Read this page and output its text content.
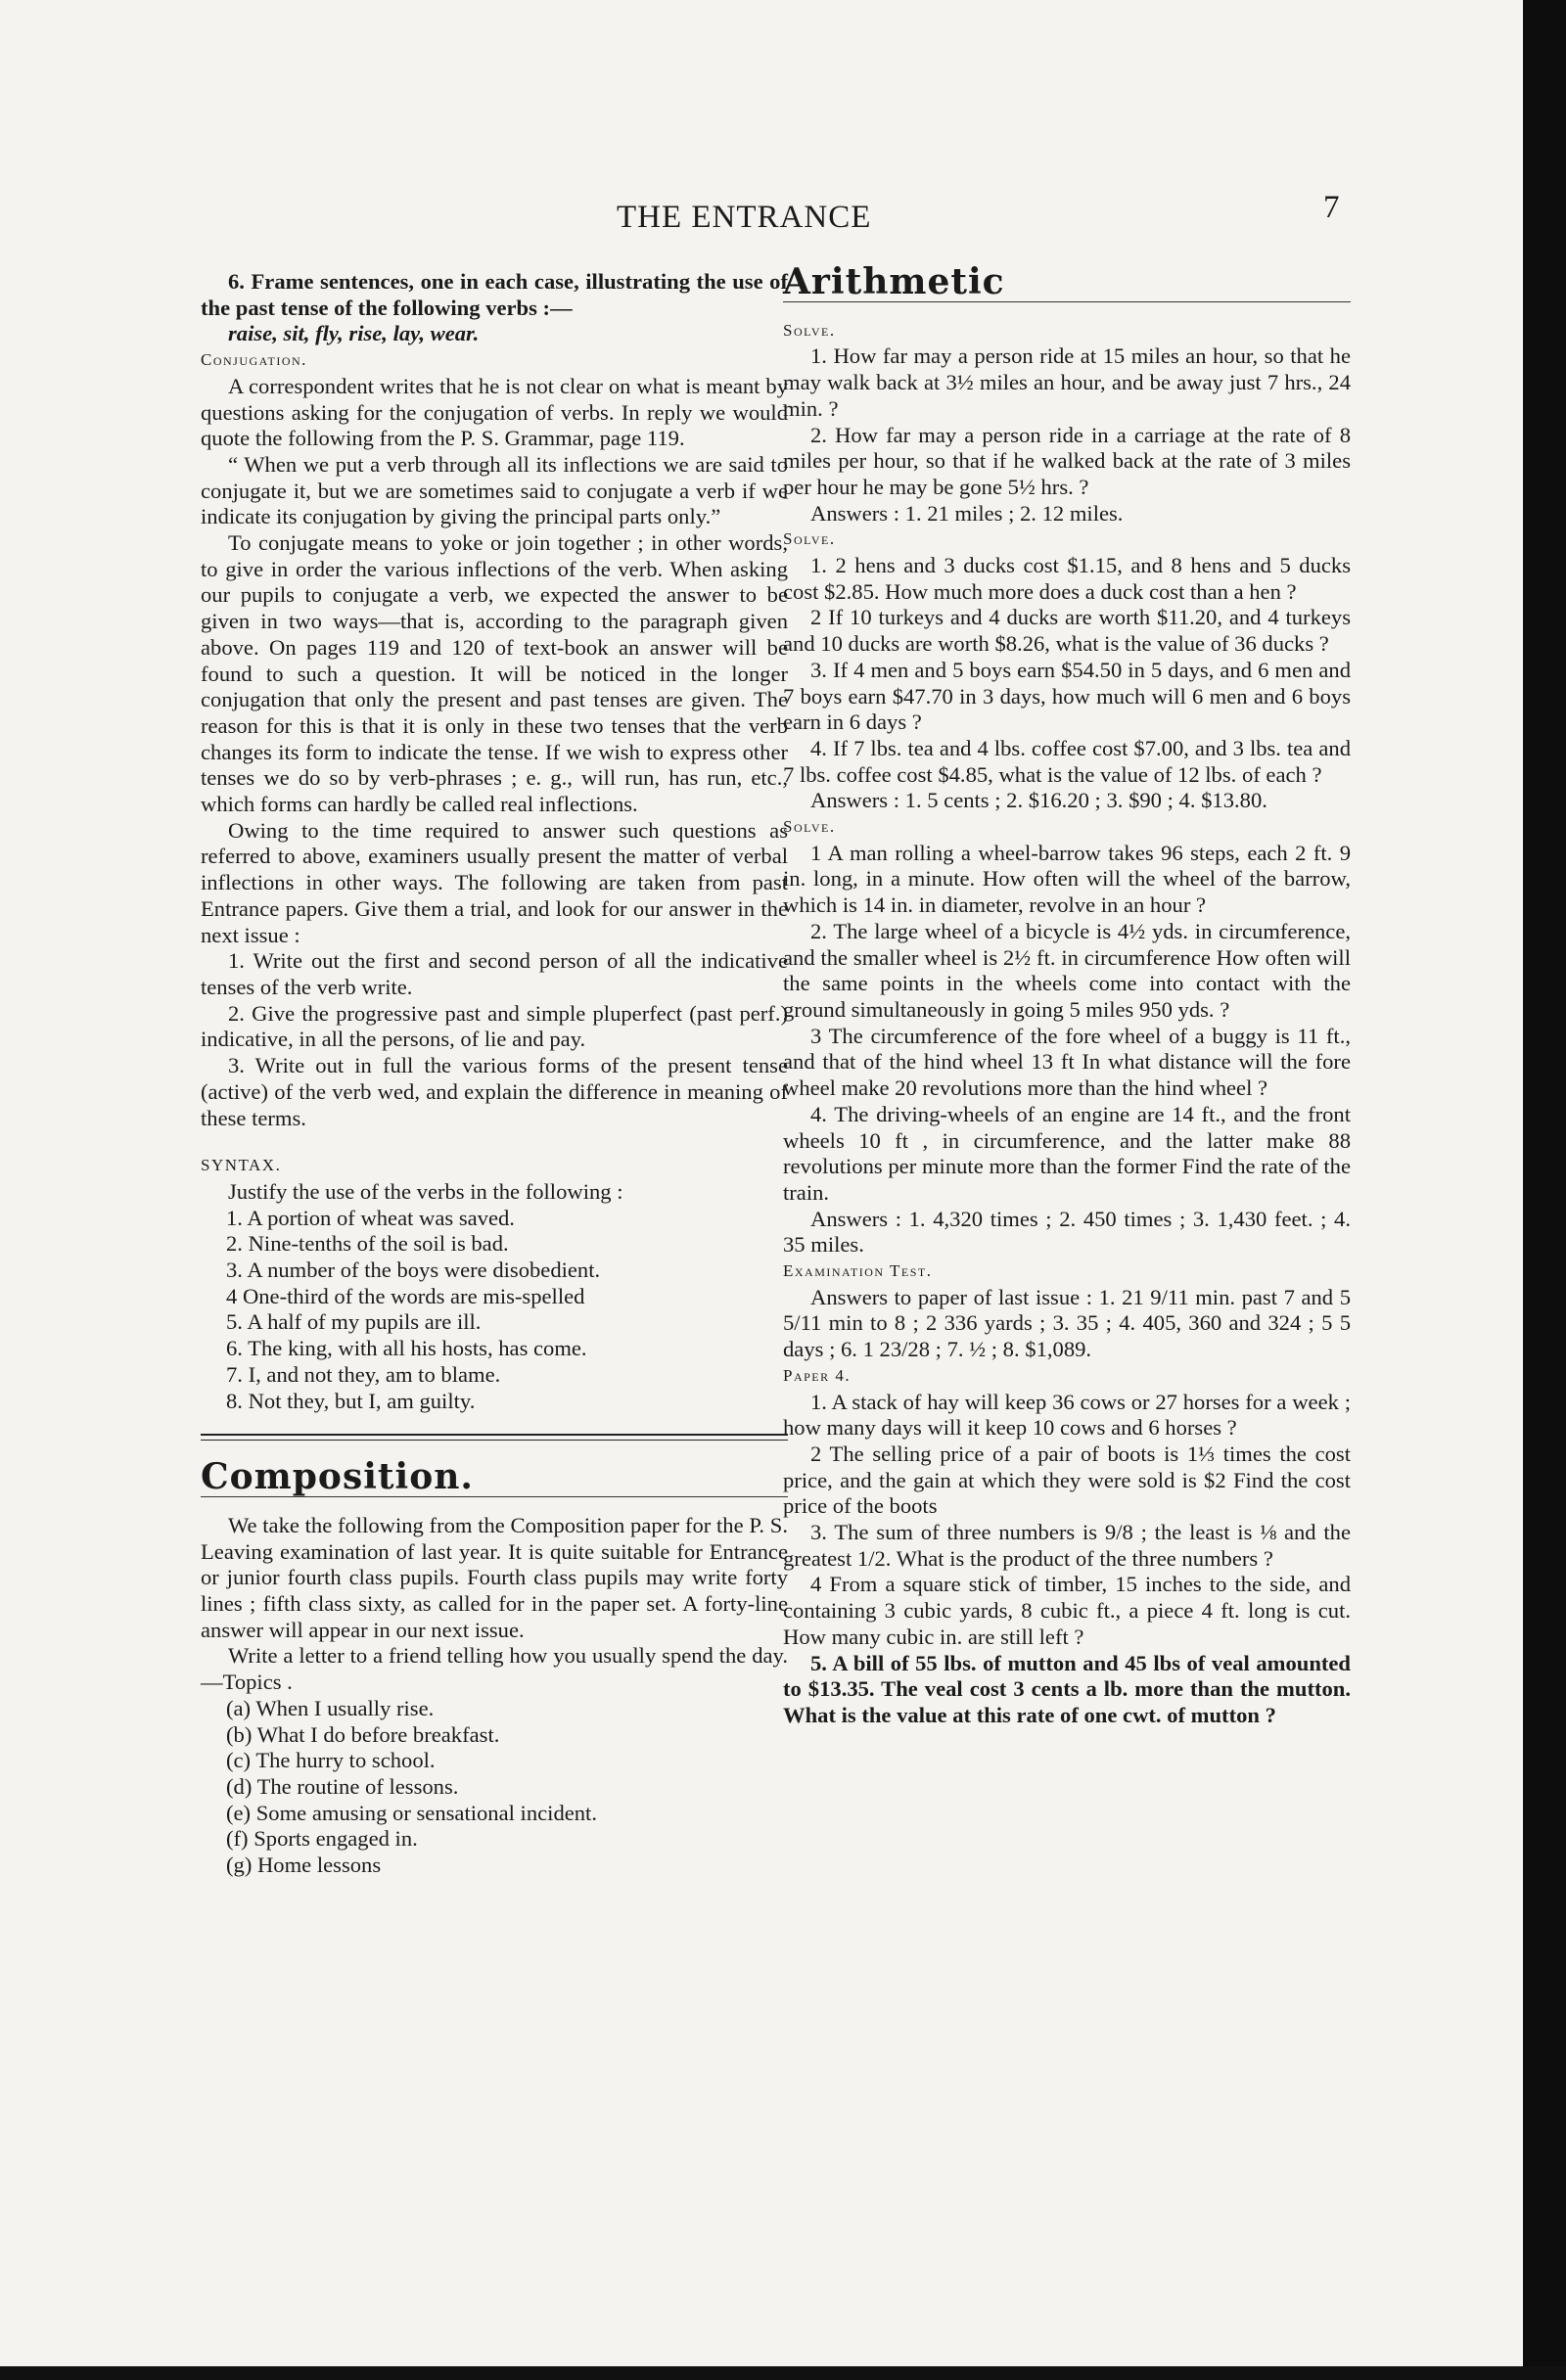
THE ENTRANCE	7

6. Frame sentences, one in each case, illustrating the use of the past tense of the following verbs :—

raise, sit, fly, rise, lay, wear.

Conjugation.

A correspondent writes that he is not clear on what is meant by questions asking for the conjugation of verbs. In reply we would quote the following from the P. S. Grammar, page 119.

“ When we put a verb through all its inflections we are said to conjugate it, but we are sometimes said to conjugate a verb if we indicate its conjugation by giving the principal parts only.”

To conjugate means to yoke or join together ; in other words, to give in order the various inflections of the verb. When asking our pupils to conjugate a verb, we expected the answer to be given in two ways—that is, according to the paragraph given above. On pages 119 and 120 of text-book an answer will be found to such a question. It will be noticed in the longer conjugation that only the present and past tenses are given. The reason for this is that it is only in these two tenses that the verb changes its form to indicate the tense. If we wish to express other tenses we do so by verb-phrases ; e. g., will run, has run, etc., which forms can hardly be called real inflections.

Owing to the time required to answer such questions as referred to above, examiners usually present the matter of verbal inflections in other ways. The following are taken from past Entrance papers. Give them a trial, and look for our answer in the next issue :

1. Write out the first and second person of all the indicative tenses of the verb write.

2. Give the progressive past and simple pluperfect (past perf.) indicative, in all the persons, of lie and pay.

3. Write out in full the various forms of the present tense (active) of the verb wed, and explain the difference in meaning of these terms.

SYNTAX.

Justify the use of the verbs in the following :

1. A portion of wheat was saved.

2. Nine-tenths of the soil is bad.

3. A number of the boys were disobedient.

4 One-third of the words are mis-spelled

5. A half of my pupils are ill.

6. The king, with all his hosts, has come.

7. I, and not they, am to blame.

8. Not they, but I, am guilty.

Composition.

We take the following from the Composition paper for the P. S. Leaving examination of last year. It is quite suitable for Entrance or junior fourth class pupils. Fourth class pupils may write forty lines ; fifth class sixty, as called for in the paper set. A forty-line answer will appear in our next issue.

Write a letter to a friend telling how you usually spend the day.—Topics .

(a) When I usually rise.

(b) What I do before breakfast.

(c) The hurry to school.

(d) The routine of lessons.

(e) Some amusing or sensational incident.

(f) Sports engaged in.

(g) Home lessons

Arithmetic

Solve.

1. How far may a person ride at 15 miles an hour, so that he may walk back at 3½ miles an hour, and be away just 7 hrs., 24 min. ?

2. How far may a person ride in a carriage at the rate of 8 miles per hour, so that if he walked back at the rate of 3 miles per hour he may be gone 5½ hrs. ?

Answers : 1. 21 miles ; 2. 12 miles.

Solve.

1. 2 hens and 3 ducks cost $1.15, and 8 hens and 5 ducks cost $2.85. How much more does a duck cost than a hen ?

2 If 10 turkeys and 4 ducks are worth $11.20, and 4 turkeys and 10 ducks are worth $8.26, what is the value of 36 ducks ?

3. If 4 men and 5 boys earn $54.50 in 5 days, and 6 men and 7 boys earn $47.70 in 3 days, how much will 6 men and 6 boys earn in 6 days ?

4. If 7 lbs. tea and 4 lbs. coffee cost $7.00, and 3 lbs. tea and 7 lbs. coffee cost $4.85, what is the value of 12 lbs. of each ?

Answers : 1. 5 cents ; 2. $16.20 ; 3. $90 ; 4. $13.80.

Solve.

1 A man rolling a wheel-barrow takes 96 steps, each 2 ft. 9 in. long, in a minute. How often will the wheel of the barrow, which is 14 in. in diameter, revolve in an hour ?

2. The large wheel of a bicycle is 4½ yds. in circumference, and the smaller wheel is 2½ ft. in circumference How often will the same points in the wheels come into contact with the ground simultaneously in going 5 miles 950 yds. ?

3 The circumference of the fore wheel of a buggy is 11 ft., and that of the hind wheel 13 ft In what distance will the fore wheel make 20 revolutions more than the hind wheel ?

4. The driving-wheels of an engine are 14 ft., and the front wheels 10 ft , in circumference, and the latter make 88 revolutions per minute more than the former Find the rate of the train.

Answers : 1. 4,320 times ; 2. 450 times ; 3. 1,430 feet. ; 4. 35 miles.

Examination Test.

Answers to paper of last issue : 1. 21 9/11 min. past 7 and 5 5/11 min to 8 ; 2 336 yards ; 3. 35 ; 4. 405, 360 and 324 ; 5 5 days ; 6. 1 23/28 ; 7. ½ ; 8. $1,089.

Paper 4.

1. A stack of hay will keep 36 cows or 27 horses for a week ; how many days will it keep 10 cows and 6 horses ?

2 The selling price of a pair of boots is 1⅓ times the cost price, and the gain at which they were sold is $2 Find the cost price of the boots

3. The sum of three numbers is 9/8 ; the least is ⅛ and the greatest 1/2. What is the product of the three numbers ?

4 From a square stick of timber, 15 inches to the side, and containing 3 cubic yards, 8 cubic ft., a piece 4 ft. long is cut. How many cubic in. are still left ?

5. A bill of 55 lbs. of mutton and 45 lbs of veal amounted to $13.35. The veal cost 3 cents a lb. more than the mutton. What is the value at this rate of one cwt. of mutton ?
